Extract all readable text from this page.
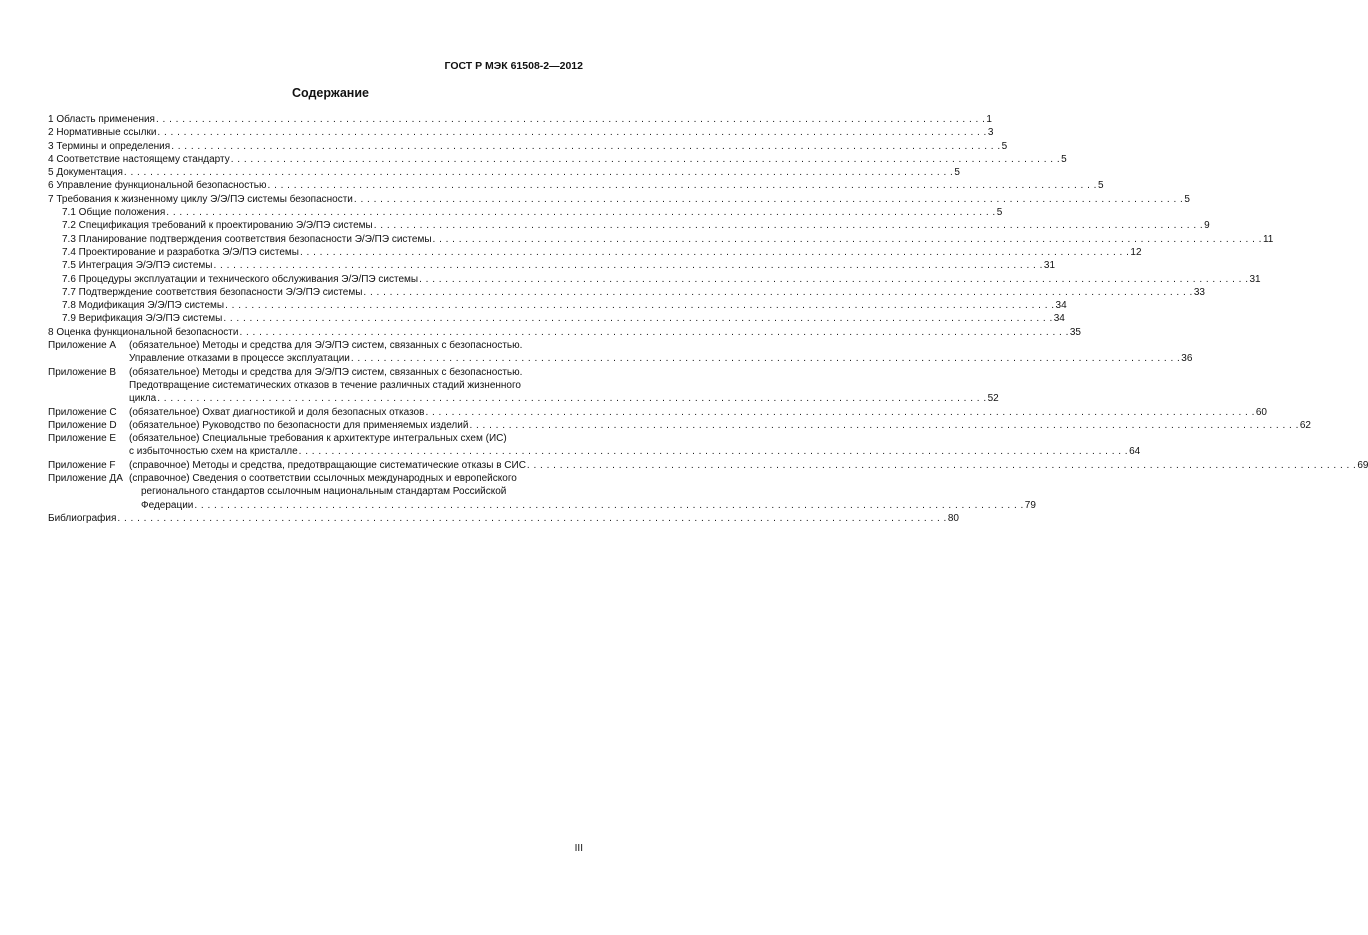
ГОСТ Р МЭК 61508-2—2012
Содержание
1 Область применения . . .	1
2 Нормативные ссылки . . .	3
3 Термины и определения . . .	5
4 Соответствие настоящему стандарту . . .	5
5 Документация . . .	5
6 Управление функциональной безопасностью . . .	5
7 Требования к жизненному циклу Э/Э/ПЭ системы безопасности . . .	5
7.1 Общие положения . . .	5
7.2 Спецификация требований к проектированию Э/Э/ПЭ системы . . .	9
7.3 Планирование подтверждения соответствия безопасности Э/Э/ПЭ системы . . .	11
7.4 Проектирование и разработка Э/Э/ПЭ системы . . .	12
7.5 Интеграция Э/Э/ПЭ системы . . .	31
7.6 Процедуры эксплуатации и технического обслуживания Э/Э/ПЭ системы . . .	31
7.7 Подтверждение соответствия безопасности Э/Э/ПЭ системы . . .	33
7.8 Модификация Э/Э/ПЭ системы . . .	34
7.9 Верификация Э/Э/ПЭ системы . . .	34
8 Оценка функциональной безопасности . . .	35
Приложение А	(обязательное) Методы и средства для Э/Э/ПЭ систем, связанных с безопасностью.
Управление отказами в процессе эксплуатации . . .	36
Приложение В	(обязательное) Методы и средства для Э/Э/ПЭ систем, связанных с безопасностью.
Предотвращение систематических отказов в течение различных стадий жизненного
цикла . . .	52
Приложение С	(обязательное) Охват диагностикой и доля безопасных отказов . . .	60
Приложение D	(обязательное) Руководство по безопасности для применяемых изделий . . .	62
Приложение Е	(обязательное) Специальные требования к архитектуре интегральных схем (ИС)
с избыточностью схем на кристалле . . .	64
Приложение F	(справочное) Методы и средства, предотвращающие систематические отказы в СИС . . .	69
Приложение ДА (справочное) Сведения о соответствии ссылочных международных и европейского
регионального стандартов ссылочным национальным стандартам Российской
Федерации . . .	79
Библиография . . .	80
III
